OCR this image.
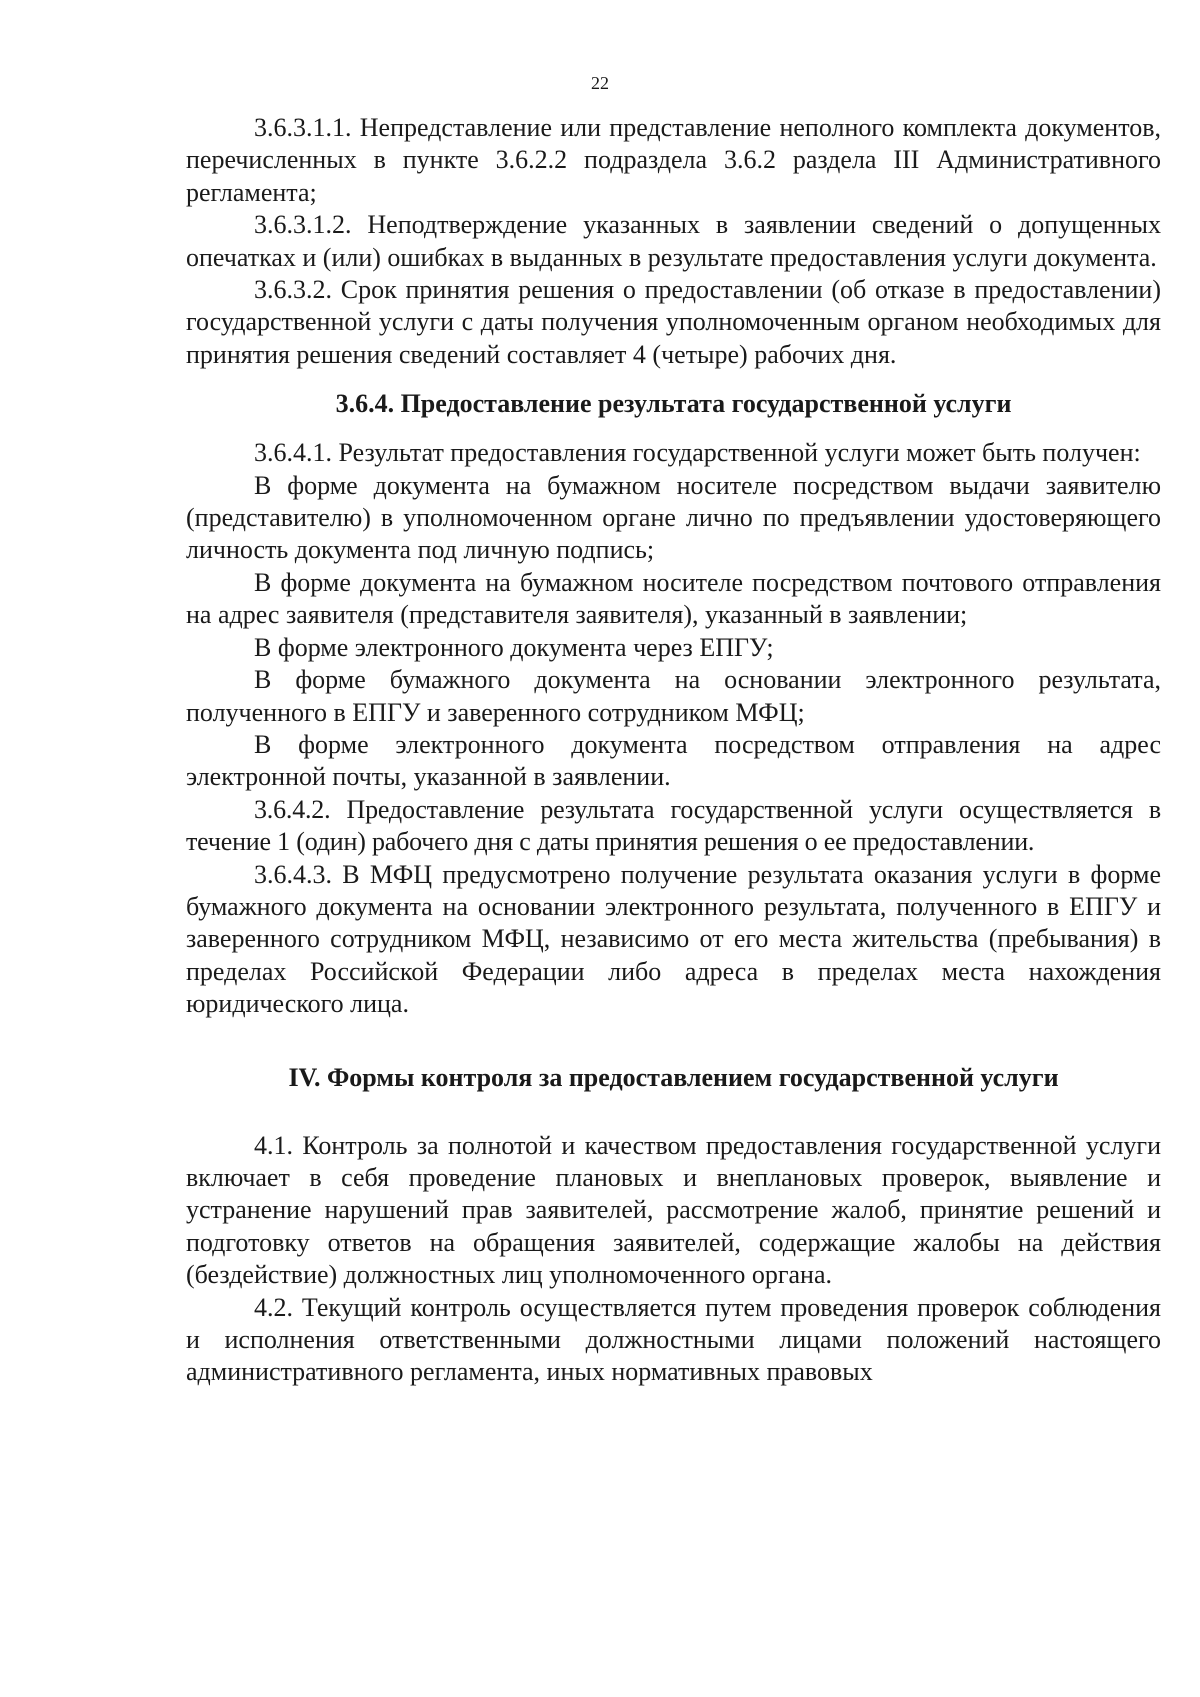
22

3.6.3.1.1. Непредставление или представление неполного комплекта документов, перечисленных в пункте 3.6.2.2 подраздела 3.6.2 раздела III Административного регламента;

3.6.3.1.2. Неподтверждение указанных в заявлении сведений о допущенных опечатках и (или) ошибках в выданных в результате предоставления услуги документа.

3.6.3.2. Срок принятия решения о предоставлении (об отказе в предоставлении) государственной услуги с даты получения уполномоченным органом необходимых для принятия решения сведений составляет 4 (четыре) рабочих дня.

3.6.4. Предоставление результата государственной услуги

3.6.4.1. Результат предоставления государственной услуги может быть получен:

В форме документа на бумажном носителе посредством выдачи заявителю (представителю) в уполномоченном органе лично по предъявлении удостоверяющего личность документа под личную подпись;

В форме документа на бумажном носителе посредством почтового отправления на адрес заявителя (представителя заявителя), указанный в заявлении;

В форме электронного документа через ЕПГУ;

В форме бумажного документа на основании электронного результата, полученного в ЕПГУ и заверенного сотрудником МФЦ;

В форме электронного документа посредством отправления на адрес электронной почты, указанной в заявлении.

3.6.4.2. Предоставление результата государственной услуги осуществляется в течение 1 (один) рабочего дня с даты принятия решения о ее предоставлении.

3.6.4.3. В МФЦ предусмотрено получение результата оказания услуги в форме бумажного документа на основании электронного результата, полученного в ЕПГУ и заверенного сотрудником МФЦ, независимо от его места жительства (пребывания) в пределах Российской Федерации либо адреса в пределах места нахождения юридического лица.

IV. Формы контроля за предоставлением государственной услуги

4.1. Контроль за полнотой и качеством предоставления государственной услуги включает в себя проведение плановых и внеплановых проверок, выявление и устранение нарушений прав заявителей, рассмотрение жалоб, принятие решений и подготовку ответов на обращения заявителей, содержащие жалобы на действия (бездействие) должностных лиц уполномоченного органа.

4.2. Текущий контроль осуществляется путем проведения проверок соблюдения и исполнения ответственными должностными лицами положений настоящего административного регламента, иных нормативных правовых
